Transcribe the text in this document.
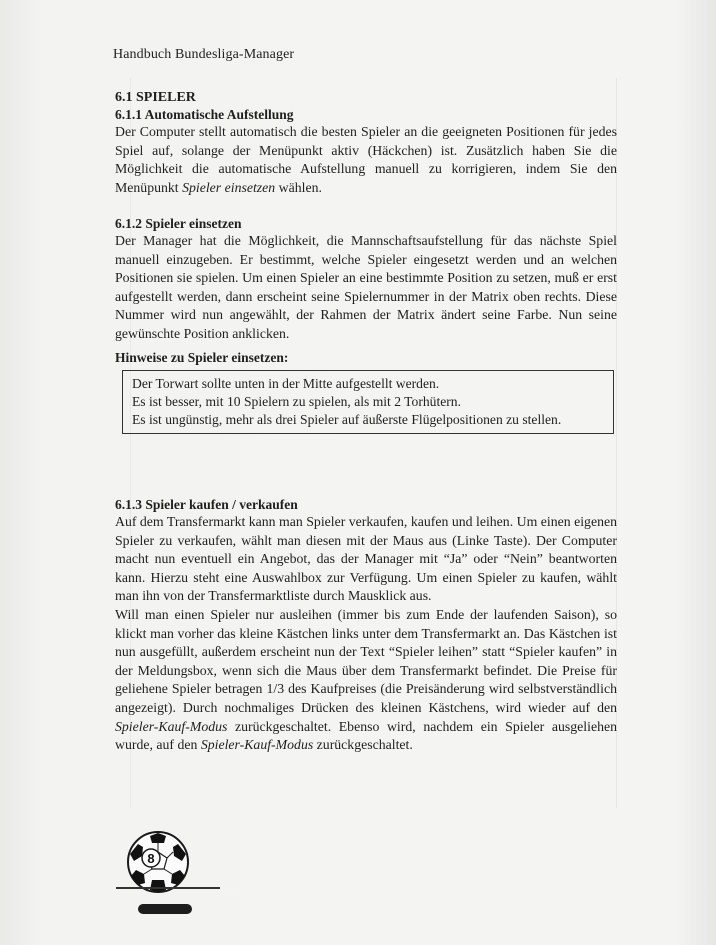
Handbuch Bundesliga-Manager
6.1 SPIELER
6.1.1 Automatische Aufstellung

Der Computer stellt automatisch die besten Spieler an die geeigneten Positionen für jedes Spiel auf, solange der Menüpunkt aktiv (Häckchen) ist. Zusätzlich haben Sie die Möglichkeit die automatische Aufstellung manuell zu korrigieren, indem Sie den Menüpunkt Spieler einsetzen wählen.

6.1.2 Spieler einsetzen

Der Manager hat die Möglichkeit, die Mannschaftsaufstellung für das nächste Spiel manuell einzugeben. Er bestimmt, welche Spieler eingesetzt werden und an welchen Positionen sie spielen. Um einen Spieler an eine bestimmte Position zu setzen, muß er erst aufgestellt werden, dann erscheint seine Spielernummer in der Matrix oben rechts. Diese Nummer wird nun angewählt, der Rahmen der Matrix ändert seine Farbe. Nun seine gewünschte Position anklicken.

Hinweise zu Spieler einsetzen:
Der Torwart sollte unten in der Mitte aufgestellt werden.
Es ist besser, mit 10 Spielern zu spielen, als mit 2 Torhütern.
Es ist ungünstig, mehr als drei Spieler auf äußerste Flügelpositionen zu stellen.
6.1.3 Spieler kaufen / verkaufen

Auf dem Transfermarkt kann man Spieler verkaufen, kaufen und leihen. Um einen eigenen Spieler zu verkaufen, wählt man diesen mit der Maus aus (Linke Taste). Der Computer macht nun eventuell ein Angebot, das der Manager mit “Ja” oder “Nein” beantworten kann. Hierzu steht eine Auswahlbox zur Verfügung. Um einen Spieler zu kaufen, wählt man ihn von der Transfermarktliste durch Mausklick aus.

Will man einen Spieler nur ausleihen (immer bis zum Ende der laufenden Saison), so klickt man vorher das kleine Kästchen links unter dem Transfermarkt an. Das Kästchen ist nun ausgefüllt, außerdem erscheint nun der Text “Spieler leihen” statt “Spieler kaufen” in der Meldungsbox, wenn sich die Maus über dem Transfermarkt befindet. Die Preise für geliehene Spieler betragen 1/3 des Kaufpreises (die Preisänderung wird selbstverständlich angezeigt). Durch nochmaliges Drücken des kleinen Kästchens, wird wieder auf den Spieler-Kauf-Modus zurückgeschaltet. Ebenso wird, nachdem ein Spieler ausgeliehen wurde, auf den Spieler-Kauf-Modus zurückgeschaltet.

8
